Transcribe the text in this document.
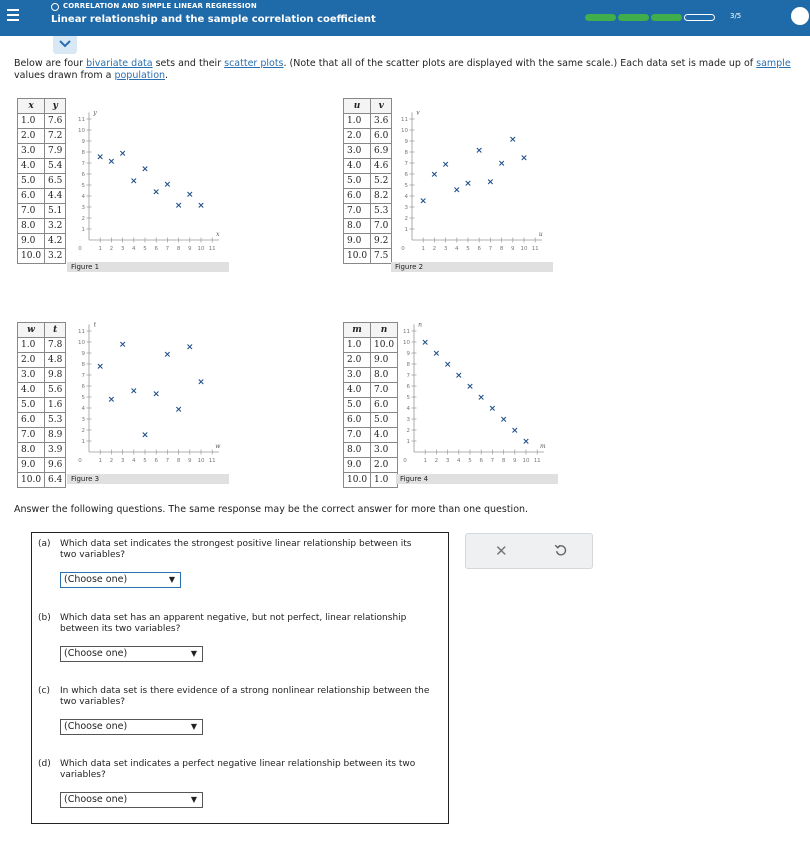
CORRELATION AND SIMPLE LINEAR REGRESSION
Linear relationship and the sample correlation coefficient	3/5
Below are four bivariate data sets and their scatter plots. (Note that all of the scatter plots are displayed with the same scale.) Each data set is made up of sample values drawn from a population.
x	y
1.0	7.6
2.0	7.2
3.0	7.9
4.0	5.4
5.0	6.5
6.0	4.4
7.0	5.1
8.0	3.2
9.0	4.2
10.0	3.2
0	1 2 3 4 5 6 7 8 9 10 11
1
2
3
4
5
6
7
8
9
10
11
x
y
× ×
×
×
×
×
×
×
×
×
Figure 1
u	v
1.0	3.6
2.0	6.0
3.0	6.9
4.0	4.6
5.0	5.2
6.0	8.2
7.0	5.3
8.0	7.0
9.0	9.2
10.0	7.5
0	1 2 3 4 5 6 7 8 9 10 11
1
2
3
4
5
6
7
8
9
10
11
u
v
×
×
×
×
×
×
×
×
×
×
Figure 2
w	t
1.0	7.8
2.0	4.8
3.0	9.8
4.0	5.6
5.0	1.6
6.0	5.3
7.0	8.9
8.0	3.9
9.0	9.6
10.0	6.4
0	1 2 3 4 5 6 7 8 9 10 11
1
2
3
4
5
6
7
8
9
10
11
w
t
×
×
×
×
×
×
×
×
×
×
Figure 3
m	n
1.0	10.0
2.0	9.0
3.0	8.0
4.0	7.0
5.0	6.0
6.0	5.0
7.0	4.0
8.0	3.0
9.0	2.0
10.0	1.0
0	1 2 3 4 5 6 7 8 9 10 11
1
2
3
4
5
6
7
8
9
10
11
m
n
×
×
×
×
×
×
×
×
×
×
Figure 4
Answer the following questions. The same response may be the correct answer for more than one question.
(a) Which data set indicates the strongest positive linear relationship between its two variables?
(Choose one)	▼
(b) Which data set has an apparent negative, but not perfect, linear relationship between its two variables?
(Choose one)	▼
(c) In which data set is there evidence of a strong nonlinear relationship between the two variables?
(Choose one)	▼
(d) Which data set indicates a perfect negative linear relationship between its two variables?
(Choose one)	▼
✕
